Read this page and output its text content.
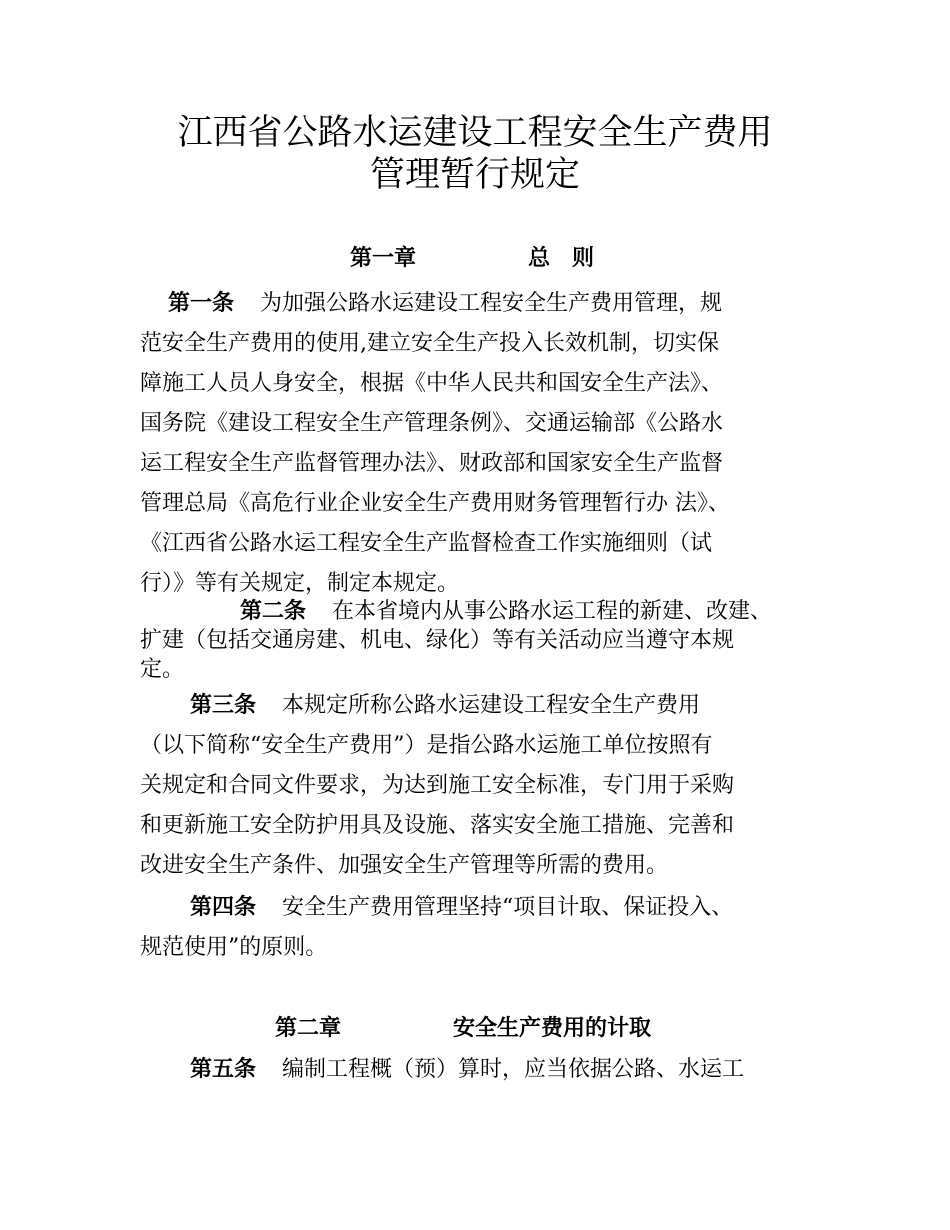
江西省公路水运建设工程安全生产费用
管理暂行规定
第一章	总　则
第一条 为加强公路水运建设工程安全生产费用管理，规
范安全生产费用的使用,建立安全生产投入长效机制，切实保
障施工人员人身安全，根据《中华人民共和国安全生产法》、
国务院《建设工程安全生产管理条例》、交通运输部《公路水
运工程安全生产监督管理办法》、财政部和国家安全生产监督
管理总局《高危行业企业安全生产费用财务管理暂行办 法》、
《江西省公路水运工程安全生产监督检查工作实施细则（试
行）》等有关规定，制定本规定。
第二条 在本省境内从事公路水运工程的新建、改建、
扩建（包括交通房建、机电、绿化）等有关活动应当遵守本规
定。
第三条 本规定所称公路水运建设工程安全生产费用
（以下简称“安全生产费用”）是指公路水运施工单位按照有
关规定和合同文件要求，为达到施工安全标准，专门用于采购
和更新施工安全防护用具及设施、落实安全施工措施、完善和
改进安全生产条件、加强安全生产管理等所需的费用。
第四条 安全生产费用管理坚持“项目计取、保证投入、
规范使用”的原则。
第二章	安全生产费用的计取
第五条 编制工程概（预）算时，应当依据公路、水运工
